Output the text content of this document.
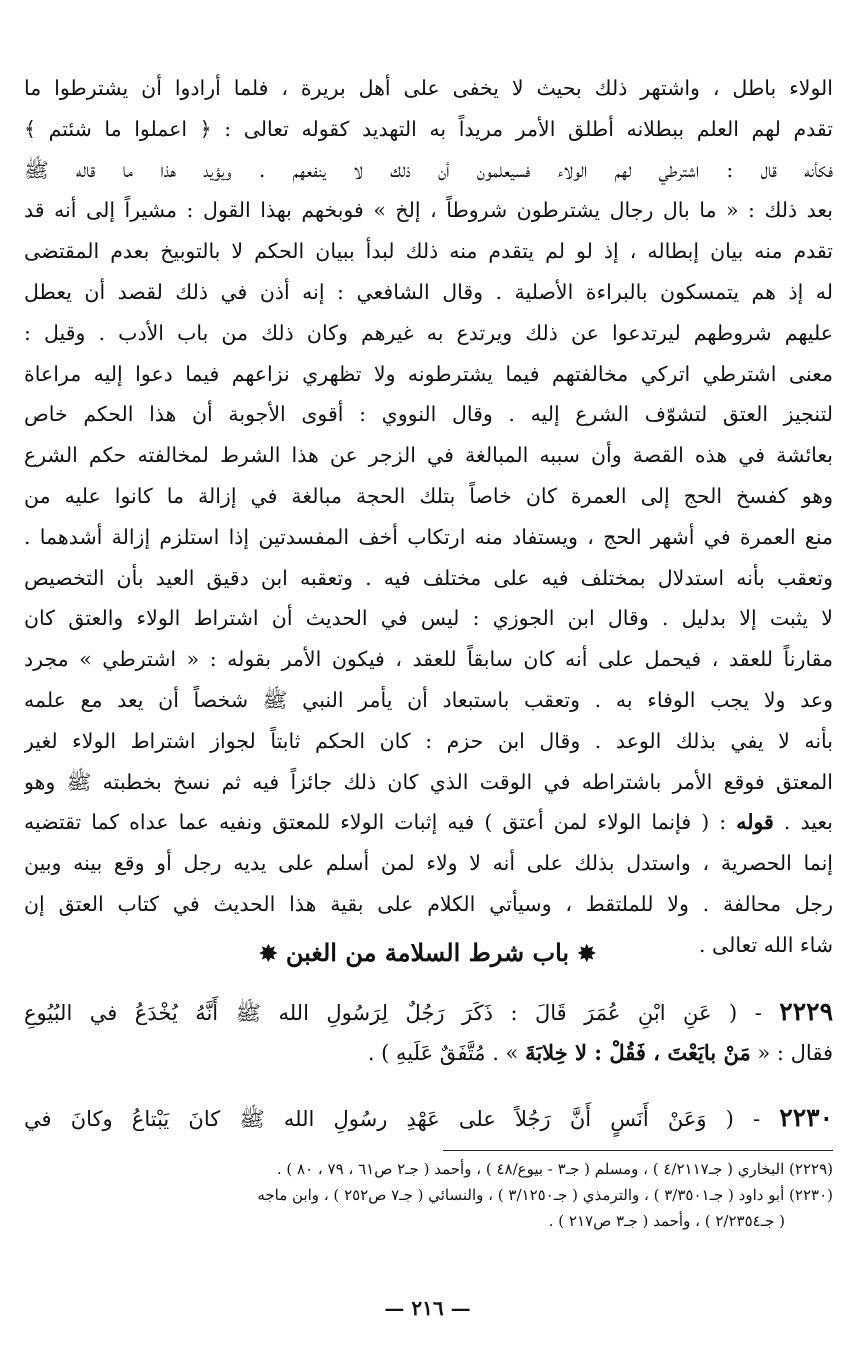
الولاء باطل ، واشتهر ذلك بحيث لا يخفى على أهل بريرة ، فلما أرادوا أن يشترطوا ما
تقدم لهم العلم ببطلانه أطلق الأمر مريداً به التهديد كقوله تعالى : ﴿ اعملوا ما شئتم ﴾
فكأنه قال : اشترطي لهم الولاء فسيعلمون أن ذلك لا ينفعهم . ويؤيد هذا ما قاله ﷺ
بعد ذلك : « ما بال رجال يشترطون شروطاً ، إلخ » فوبخهم بهذا القول : مشيراً إلى أنه قد
تقدم منه بيان إبطاله ، إذ لو لم يتقدم منه ذلك لبدأ ببيان الحكم لا بالتوبيخ بعدم المقتضى
له إذ هم يتمسكون بالبراءة الأصلية . وقال الشافعي : إنه أذن في ذلك لقصد أن يعطل
عليهم شروطهم ليرتدعوا عن ذلك ويرتدع به غيرهم وكان ذلك من باب الأدب . وقيل :
معنى اشترطي اتركي مخالفتهم فيما يشترطونه ولا تظهري نزاعهم فيما دعوا إليه مراعاة
لتنجيز العتق لتشوّف الشرع إليه . وقال النووي : أقوى الأجوبة أن هذا الحكم خاص
بعائشة في هذه القصة وأن سببه المبالغة في الزجر عن هذا الشرط لمخالفته حكم الشرع
وهو كفسخ الحج إلى العمرة كان خاصاً بتلك الحجة مبالغة في إزالة ما كانوا عليه من
منع العمرة في أشهر الحج ، ويستفاد منه ارتكاب أخف المفسدتين إذا استلزم إزالة أشدهما .
وتعقب بأنه استدلال بمختلف فيه على مختلف فيه . وتعقبه ابن دقيق العيد بأن التخصيص
لا يثبت إلا بدليل . وقال ابن الجوزي : ليس في الحديث أن اشتراط الولاء والعتق كان
مقارناً للعقد ، فيحمل على أنه كان سابقاً للعقد ، فيكون الأمر بقوله : « اشترطي » مجرد
وعد ولا يجب الوفاء به . وتعقب باستبعاد أن يأمر النبي ﷺ شخصاً أن يعد مع علمه
بأنه لا يفي بذلك الوعد . وقال ابن حزم : كان الحكم ثابتاً لجواز اشتراط الولاء لغير
المعتق فوقع الأمر باشتراطه في الوقت الذي كان ذلك جائزاً فيه ثم نسخ بخطبته ﷺ وهو
بعيد . قوله : ( فإنما الولاء لمن أعتق ) فيه إثبات الولاء للمعتق ونفيه عما عداه كما تقتضيه
إنما الحصرية ، واستدل بذلك على أنه لا ولاء لمن أسلم على يديه رجل أو وقع بينه وبين
رجل محالفة . ولا للملتقط ، وسيأتي الكلام على بقية هذا الحديث في كتاب العتق إن
شاء الله تعالى .
✸ باب شرط السلامة من الغبن ✸
٢٢٢٩ - ( عَنِ ابْنِ عُمَرَ قَالَ : ذَكَرَ رَجُلٌ لِرَسُولِ الله ﷺ أَنَّهُ يُخْدَعُ في البُيُوعِ
فقال : « مَنْ بايَعْتَ ، فَقُلْ : لا خِلابَةَ » . مُتَّفَقٌ عَلَيهِ ) .
٢٢٣٠ - ( وَعَنْ أَنَسٍ أَنَّ رَجُلاً على عَهْدِ رسُولِ الله ﷺ كانَ يَبْتاعُ وكانَ في
(٢٢٢٩) البخاري ( جـ٤/٢١١٧ ) ، ومسلم ( جـ٣ - بيوع/٤٨ ) ، وأحمد ( جـ٢ ص٦١ ، ٧٩ ، ٨٠ ) .
(٢٢٣٠) أبو داود ( جـ٣/٣٥٠١ ) ، والترمذي ( جـ٣/١٢٥٠ ) ، والنسائي ( جـ٧ ص٢٥٢ ) ، وابن ماجه
( جـ٢/٢٣٥٤ ) ، وأحمد ( جـ٣ ص٢١٧ ) .
— ٢١٦ —
